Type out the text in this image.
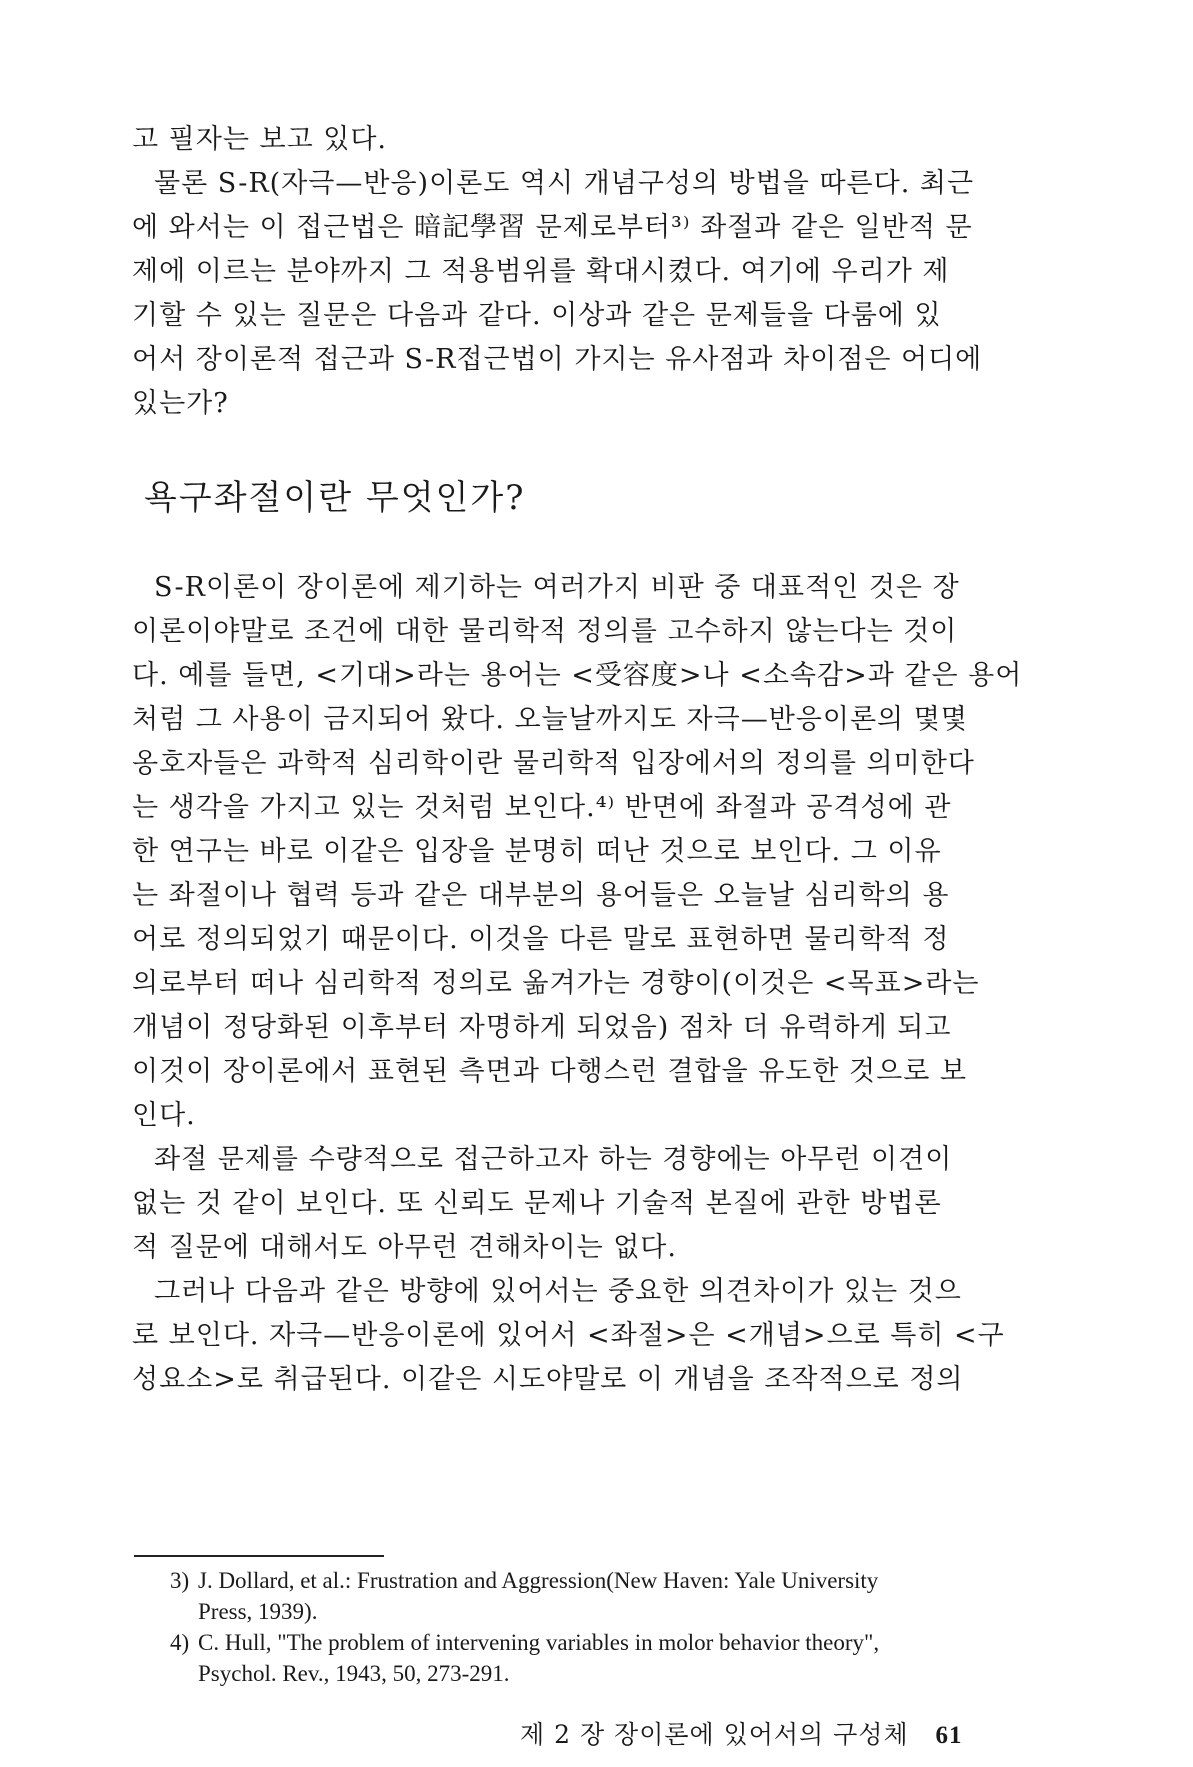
고 필자는 보고 있다.
물론 S-R(자극—반응)이론도 역시 개념구성의 방법을 따른다. 최근
에 와서는 이 접근법은 暗記學習 문제로부터³⁾ 좌절과 같은 일반적 문
제에 이르는 분야까지 그 적용범위를 확대시켰다. 여기에 우리가 제
기할 수 있는 질문은 다음과 같다. 이상과 같은 문제들을 다룸에 있
어서 장이론적 접근과 S-R접근법이 가지는 유사점과 차이점은 어디에
있는가?
욕구좌절이란 무엇인가?
S-R이론이 장이론에 제기하는 여러가지 비판 중 대표적인 것은 장
이론이야말로 조건에 대한 물리학적 정의를 고수하지 않는다는 것이
다. 예를 들면, <기대>라는 용어는 <受容度>나 <소속감>과 같은 용어
처럼 그 사용이 금지되어 왔다. 오늘날까지도 자극—반응이론의 몇몇
옹호자들은 과학적 심리학이란 물리학적 입장에서의 정의를 의미한다
는 생각을 가지고 있는 것처럼 보인다.⁴⁾ 반면에 좌절과 공격성에 관
한 연구는 바로 이같은 입장을 분명히 떠난 것으로 보인다. 그 이유
는 좌절이나 협력 등과 같은 대부분의 용어들은 오늘날 심리학의 용
어로 정의되었기 때문이다. 이것을 다른 말로 표현하면 물리학적 정
의로부터 떠나 심리학적 정의로 옮겨가는 경향이(이것은 <목표>라는
개념이 정당화된 이후부터 자명하게 되었음) 점차 더 유력하게 되고
이것이 장이론에서 표현된 측면과 다행스런 결합을 유도한 것으로 보
인다.
좌절 문제를 수량적으로 접근하고자 하는 경향에는 아무런 이견이
없는 것 같이 보인다. 또 신뢰도 문제나 기술적 본질에 관한 방법론
적 질문에 대해서도 아무런 견해차이는 없다.
그러나 다음과 같은 방향에 있어서는 중요한 의견차이가 있는 것으
로 보인다. 자극—반응이론에 있어서 <좌절>은 <개념>으로 특히 <구
성요소>로 취급된다. 이같은 시도야말로 이 개념을 조작적으로 정의
3) J. Dollard, et al.: Frustration and Aggression(New Haven: Yale University
Press, 1939).
4) C. Hull, "The problem of intervening variables in molor behavior theory",
Psychol. Rev., 1943, 50, 273-291.
제 2 장 장이론에 있어서의 구성체 61
